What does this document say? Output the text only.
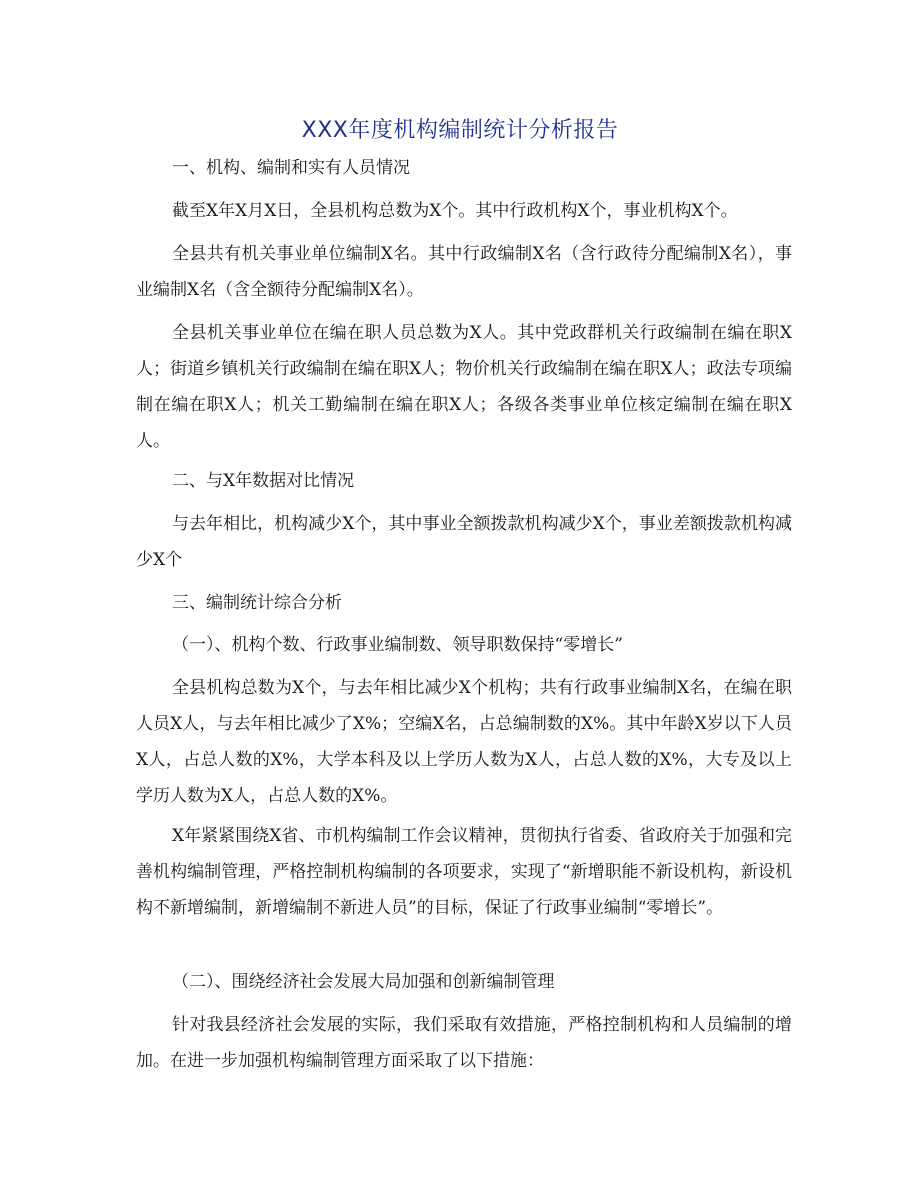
XXX年度机构编制统计分析报告

一、机构、编制和实有人员情况

截至X年X月X日，全县机构总数为X个。其中行政机构X个，事业机构X个。

全县共有机关事业单位编制X名。其中行政编制X名（含行政待分配编制X名），事业编制X名（含全额待分配编制X名）。

全县机关事业单位在编在职人员总数为X人。其中党政群机关行政编制在编在职X人；街道乡镇机关行政编制在编在职X人；物价机关行政编制在编在职X人；政法专项编制在编在职X人；机关工勤编制在编在职X人；各级各类事业单位核定编制在编在职X人。

二、与X年数据对比情况

与去年相比，机构减少X个，其中事业全额拨款机构减少X个，事业差额拨款机构减少X个

三、编制统计综合分析

（一）、机构个数、行政事业编制数、领导职数保持“零增长”

全县机构总数为X个，与去年相比减少X个机构；共有行政事业编制X名，在编在职人员X人，与去年相比减少了X%；空编X名，占总编制数的X%。其中年龄X岁以下人员X人，占总人数的X%，大学本科及以上学历人数为X人，占总人数的X%，大专及以上学历人数为X人，占总人数的X%。

X年紧紧围绕X省、市机构编制工作会议精神，贯彻执行省委、省政府关于加强和完善机构编制管理，严格控制机构编制的各项要求，实现了“新增职能不新设机构，新设机构不新增编制，新增编制不新进人员”的目标，保证了行政事业编制“零增长”。

（二）、围绕经济社会发展大局加强和创新编制管理

针对我县经济社会发展的实际，我们采取有效措施，严格控制机构和人员编制的增加。在进一步加强机构编制管理方面采取了以下措施：
